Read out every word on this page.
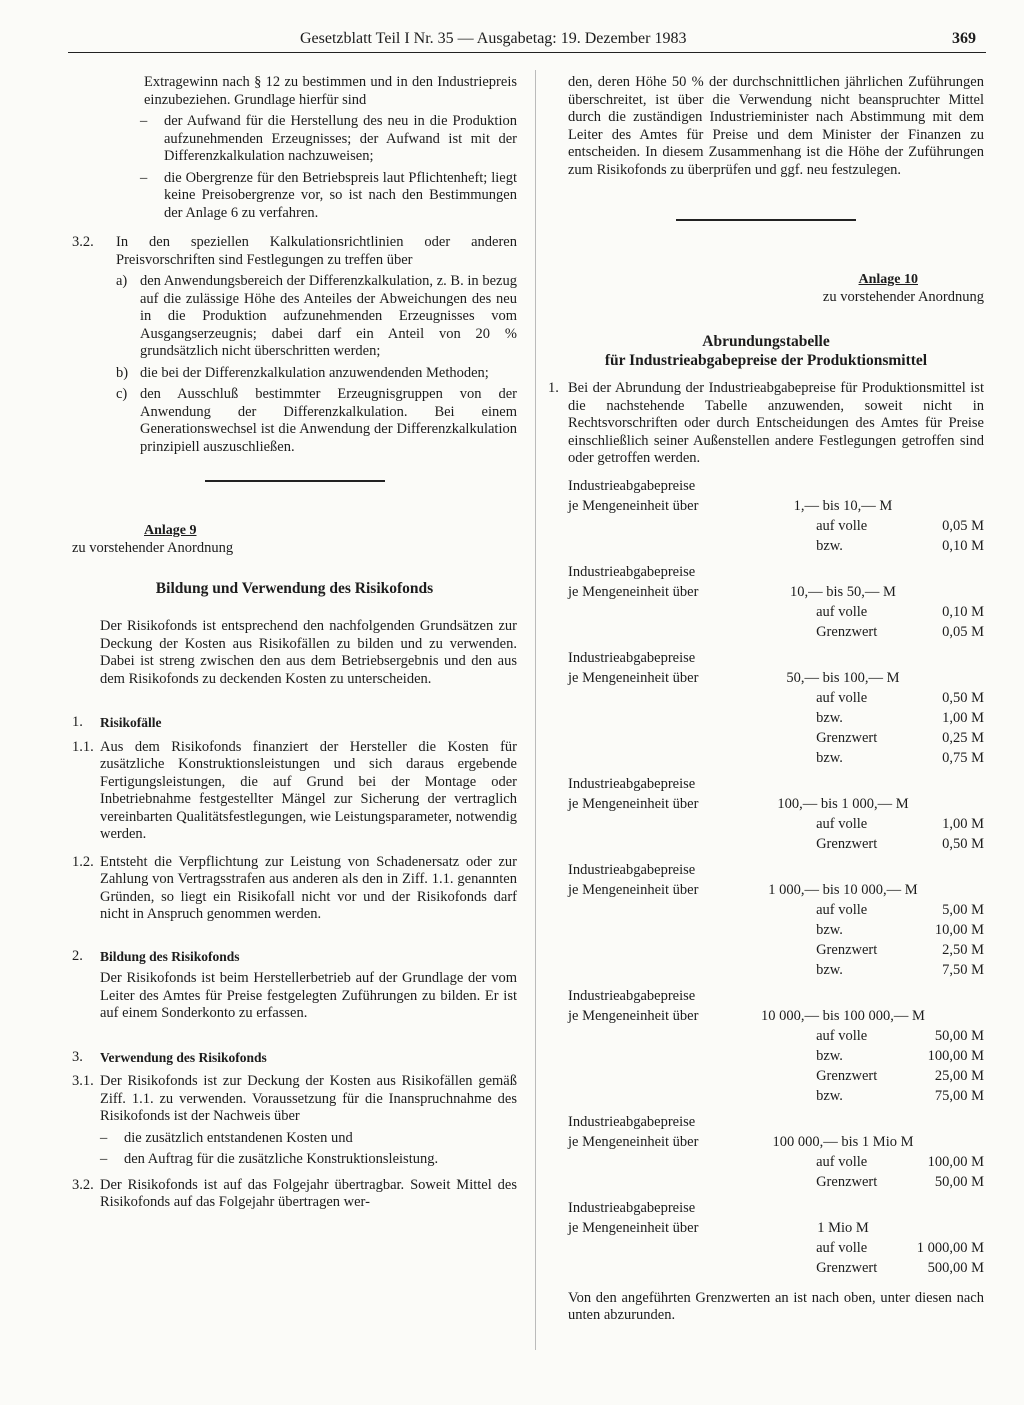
Gesetzblatt Teil I Nr. 35 — Ausgabetag: 19. Dezember 1983	369

Extragewinn nach § 12 zu bestimmen und in den Industriepreis einzubeziehen. Grundlage hierfür sind

– der Aufwand für die Herstellung des neu in die Produktion aufzunehmenden Erzeugnisses; der Aufwand ist mit der Differenzkalkulation nachzuweisen;
– die Obergrenze für den Betriebspreis laut Pflichtenheft; liegt keine Preisobergrenze vor, so ist nach den Bestimmungen der Anlage 6 zu verfahren.
3.2. In den speziellen Kalkulationsrichtlinien oder anderen Preisvorschriften sind Festlegungen zu treffen über
a) den Anwendungsbereich der Differenzkalkulation, z. B. in bezug auf die zulässige Höhe des Anteiles der Abweichungen des neu in die Produktion aufzunehmenden Erzeugnisses vom Ausgangserzeugnis; dabei darf ein Anteil von 20 % grundsätzlich nicht überschritten werden;
b) die bei der Differenzkalkulation anzuwendenden Methoden;
c) den Ausschluß bestimmter Erzeugnisgruppen von der Anwendung der Differenzkalkulation. Bei einem Generationswechsel ist die Anwendung der Differenzkalkulation prinzipiell auszuschließen.
Anlage 9

zu vorstehender Anordnung

Bildung und Verwendung des Risikofonds

Der Risikofonds ist entsprechend den nachfolgenden Grundsätzen zur Deckung der Kosten aus Risikofällen zu bilden und zu verwenden. Dabei ist streng zwischen den aus dem Betriebsergebnis und den aus dem Risikofonds zu deckenden Kosten zu unterscheiden.

1. Risikofälle
1.1. Aus dem Risikofonds finanziert der Hersteller die Kosten für zusätzliche Konstruktionsleistungen und sich daraus ergebende Fertigungsleistungen, die auf Grund bei der Montage oder Inbetriebnahme festgestellter Mängel zur Sicherung der vertraglich vereinbarten Qualitätsfestlegungen, wie Leistungsparameter, notwendig werden.
1.2. Entsteht die Verpflichtung zur Leistung von Schadenersatz oder zur Zahlung von Vertragsstrafen aus anderen als den in Ziff. 1.1. genannten Gründen, so liegt ein Risikofall nicht vor und der Risikofonds darf nicht in Anspruch genommen werden.
2. Bildung des Risikofonds

Der Risikofonds ist beim Herstellerbetrieb auf der Grundlage der vom Leiter des Amtes für Preise festgelegten Zuführungen zu bilden. Er ist auf einem Sonderkonto zu erfassen.

3. Verwendung des Risikofonds
3.1. Der Risikofonds ist zur Deckung der Kosten aus Risikofällen gemäß Ziff. 1.1. zu verwenden. Voraussetzung für die Inanspruchnahme des Risikofonds ist der Nachweis über
– die zusätzlich entstandenen Kosten und
– den Auftrag für die zusätzliche Konstruktionsleistung.
3.2. Der Risikofonds ist auf das Folgejahr übertragbar. Soweit Mittel des Risikofonds auf das Folgejahr übertragen wer-

den, deren Höhe 50 % der durchschnittlichen jährlichen Zuführungen überschreitet, ist über die Verwendung nicht beanspruchter Mittel durch die zuständigen Industrieminister nach Abstimmung mit dem Leiter des Amtes für Preise und dem Minister der Finanzen zu entscheiden. In diesem Zusammenhang ist die Höhe der Zuführungen zum Risikofonds zu überprüfen und ggf. neu festzulegen.

Anlage 10

zu vorstehender Anordnung

Abrundungstabelle

für Industrieabgabepreise der Produktionsmittel

1. Bei der Abrundung der Industrieabgabepreise für Produktionsmittel ist die nachstehende Tabelle anzuwenden, soweit nicht in Rechtsvorschriften oder durch Entscheidungen des Amtes für Preise einschließlich seiner Außenstellen andere Festlegungen getroffen sind oder getroffen werden.
Industrieabgabepreise
je Mengeneinheit über	1,— bis 10,— M
auf volle	0,05 M
bzw.	0,10 M
Industrieabgabepreise
je Mengeneinheit über	10,— bis 50,— M
auf volle	0,10 M
Grenzwert	0,05 M
Industrieabgabepreise
je Mengeneinheit über	50,— bis 100,— M
auf volle	0,50 M
bzw.	1,00 M
Grenzwert	0,25 M
bzw.	0,75 M
Industrieabgabepreise
je Mengeneinheit über	100,— bis 1 000,— M
auf volle	1,00 M
Grenzwert	0,50 M
Industrieabgabepreise
je Mengeneinheit über	1 000,— bis 10 000,— M
auf volle	5,00 M
bzw.	10,00 M
Grenzwert	2,50 M
bzw.	7,50 M
Industrieabgabepreise
je Mengeneinheit über	10 000,— bis 100 000,— M
auf volle	50,00 M
bzw.	100,00 M
Grenzwert	25,00 M
bzw.	75,00 M
Industrieabgabepreise
je Mengeneinheit über	100 000,— bis 1 Mio M
auf volle	100,00 M
Grenzwert	50,00 M
Industrieabgabepreise
je Mengeneinheit über	1 Mio M
auf volle	1 000,00 M
Grenzwert	500,00 M

Von den angeführten Grenzwerten an ist nach oben, unter diesen nach unten abzurunden.
